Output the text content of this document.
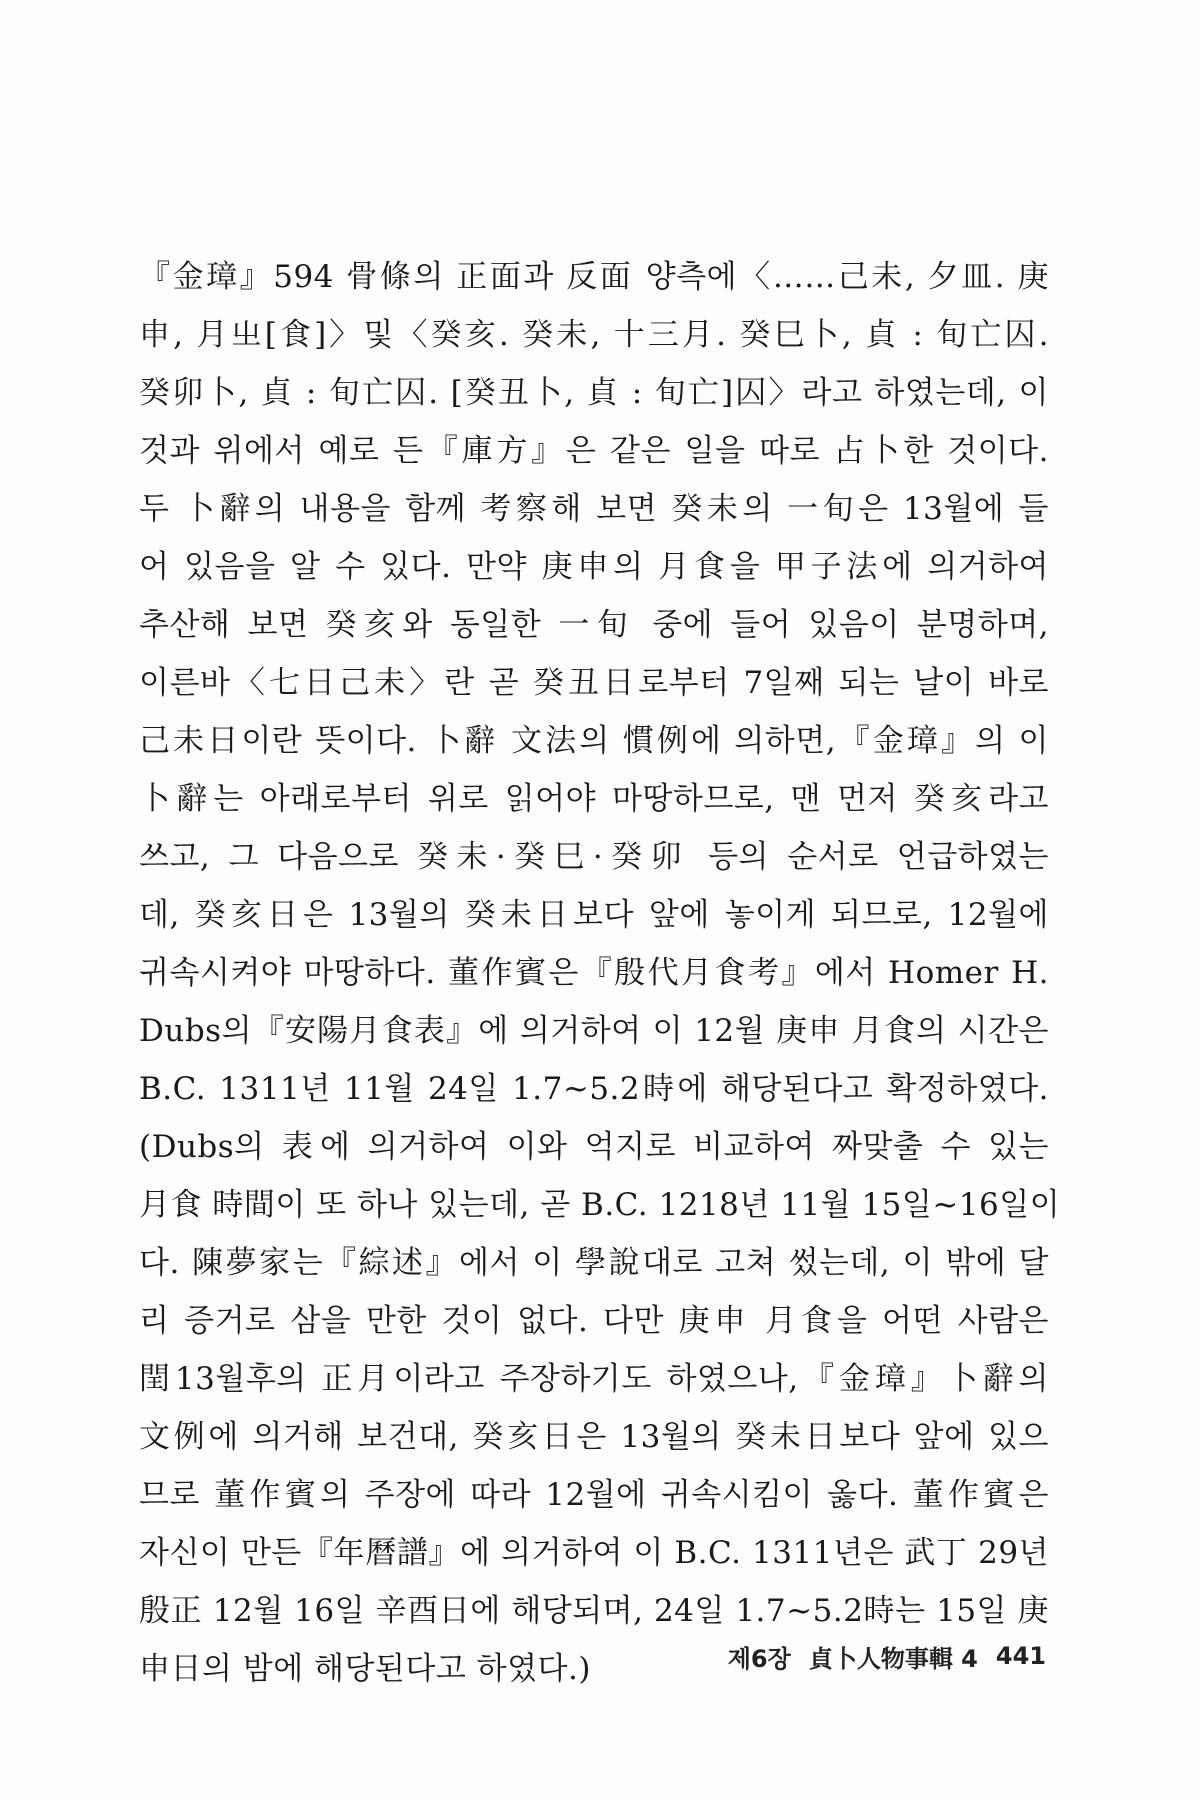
『金璋』594 骨條의 正面과 反面 양측에〈……己未, 夕皿. 庚
申, 月㞢[食]〉및〈癸亥. 癸未, 十三月. 癸巳卜, 貞 : 旬亡囚.
癸卯卜, 貞 : 旬亡囚. [癸丑卜, 貞 : 旬亡]囚〉라고 하였는데, 이
것과 위에서 예로 든『庫方』은 같은 일을 따로 占卜한 것이다.
두 卜辭의 내용을 함께 考察해 보면 癸未의 一旬은 13월에 들
어 있음을 알 수 있다. 만약 庚申의 月食을 甲子法에 의거하여
추산해 보면 癸亥와 동일한 一旬 중에 들어 있음이 분명하며,
이른바〈七日己未〉란 곧 癸丑日로부터 7일째 되는 날이 바로
己未日이란 뜻이다. 卜辭 文法의 慣例에 의하면,『金璋』의 이
卜辭는 아래로부터 위로 읽어야 마땅하므로, 맨 먼저 癸亥라고
쓰고, 그 다음으로 癸未·癸巳·癸卯 등의 순서로 언급하였는
데, 癸亥日은 13월의 癸未日보다 앞에 놓이게 되므로, 12월에
귀속시켜야 마땅하다. 董作賓은『殷代月食考』에서 Homer H.
Dubs의『安陽月食表』에 의거하여 이 12월 庚申 月食의 시간은
B.C. 1311년 11월 24일 1.7~5.2時에 해당된다고 확정하였다.
(Dubs의 表에 의거하여 이와 억지로 비교하여 짜맞출 수 있는
月食 時間이 또 하나 있는데, 곧 B.C. 1218년 11월 15일~16일이
다. 陳夢家는『綜述』에서 이 學說대로 고쳐 썼는데, 이 밖에 달
리 증거로 삼을 만한 것이 없다. 다만 庚申 月食을 어떤 사람은
閏13월후의 正月이라고 주장하기도 하였으나,『金璋』卜辭의
文例에 의거해 보건대, 癸亥日은 13월의 癸未日보다 앞에 있으
므로 董作賓의 주장에 따라 12월에 귀속시킴이 옳다. 董作賓은
자신이 만든『年曆譜』에 의거하여 이 B.C. 1311년은 武丁 29년
殷正 12월 16일 辛酉日에 해당되며, 24일 1.7~5.2時는 15일 庚
申日의 밤에 해당된다고 하였다.)	제6장 貞卜人物事輯 4 441
